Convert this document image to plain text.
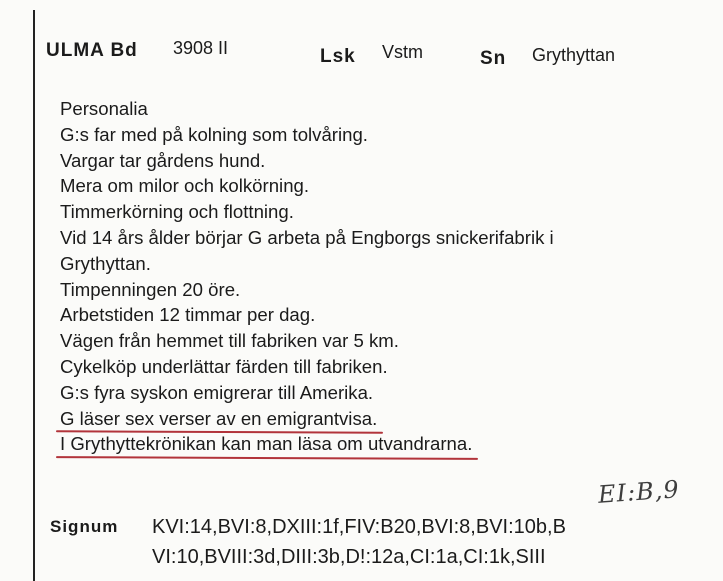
ULMA Bd 3908 II	Lsk Vstm	Sn Grythyttan
Personalia
G:s far med på kolning som tolvåring.
Vargar tar gårdens hund.
Mera om milor och kolkörning.
Timmerkörning och flottning.
Vid 14 års ålder börjar G arbeta på Engborgs snickerifabrik i
Grythyttan.
Timpenningen 20 öre.
Arbetstiden 12 timmar per dag.
Vägen från hemmet till fabriken var 5 km.
Cykelköp underlättar färden till fabriken.
G:s fyra syskon emigrerar till Amerika.
G läser sex verser av en emigrantvisa.
I Grythyttekrönikan kan man läsa om utvandrarna.
EI:B,9
Signum KVI:14,BVI:8,DXIII:1f,FIV:B20,BVI:8,BVI:10b,B
VI:10,BVIII:3d,DIII:3b,D!:12a,CI:1a,CI:1k,SIII
